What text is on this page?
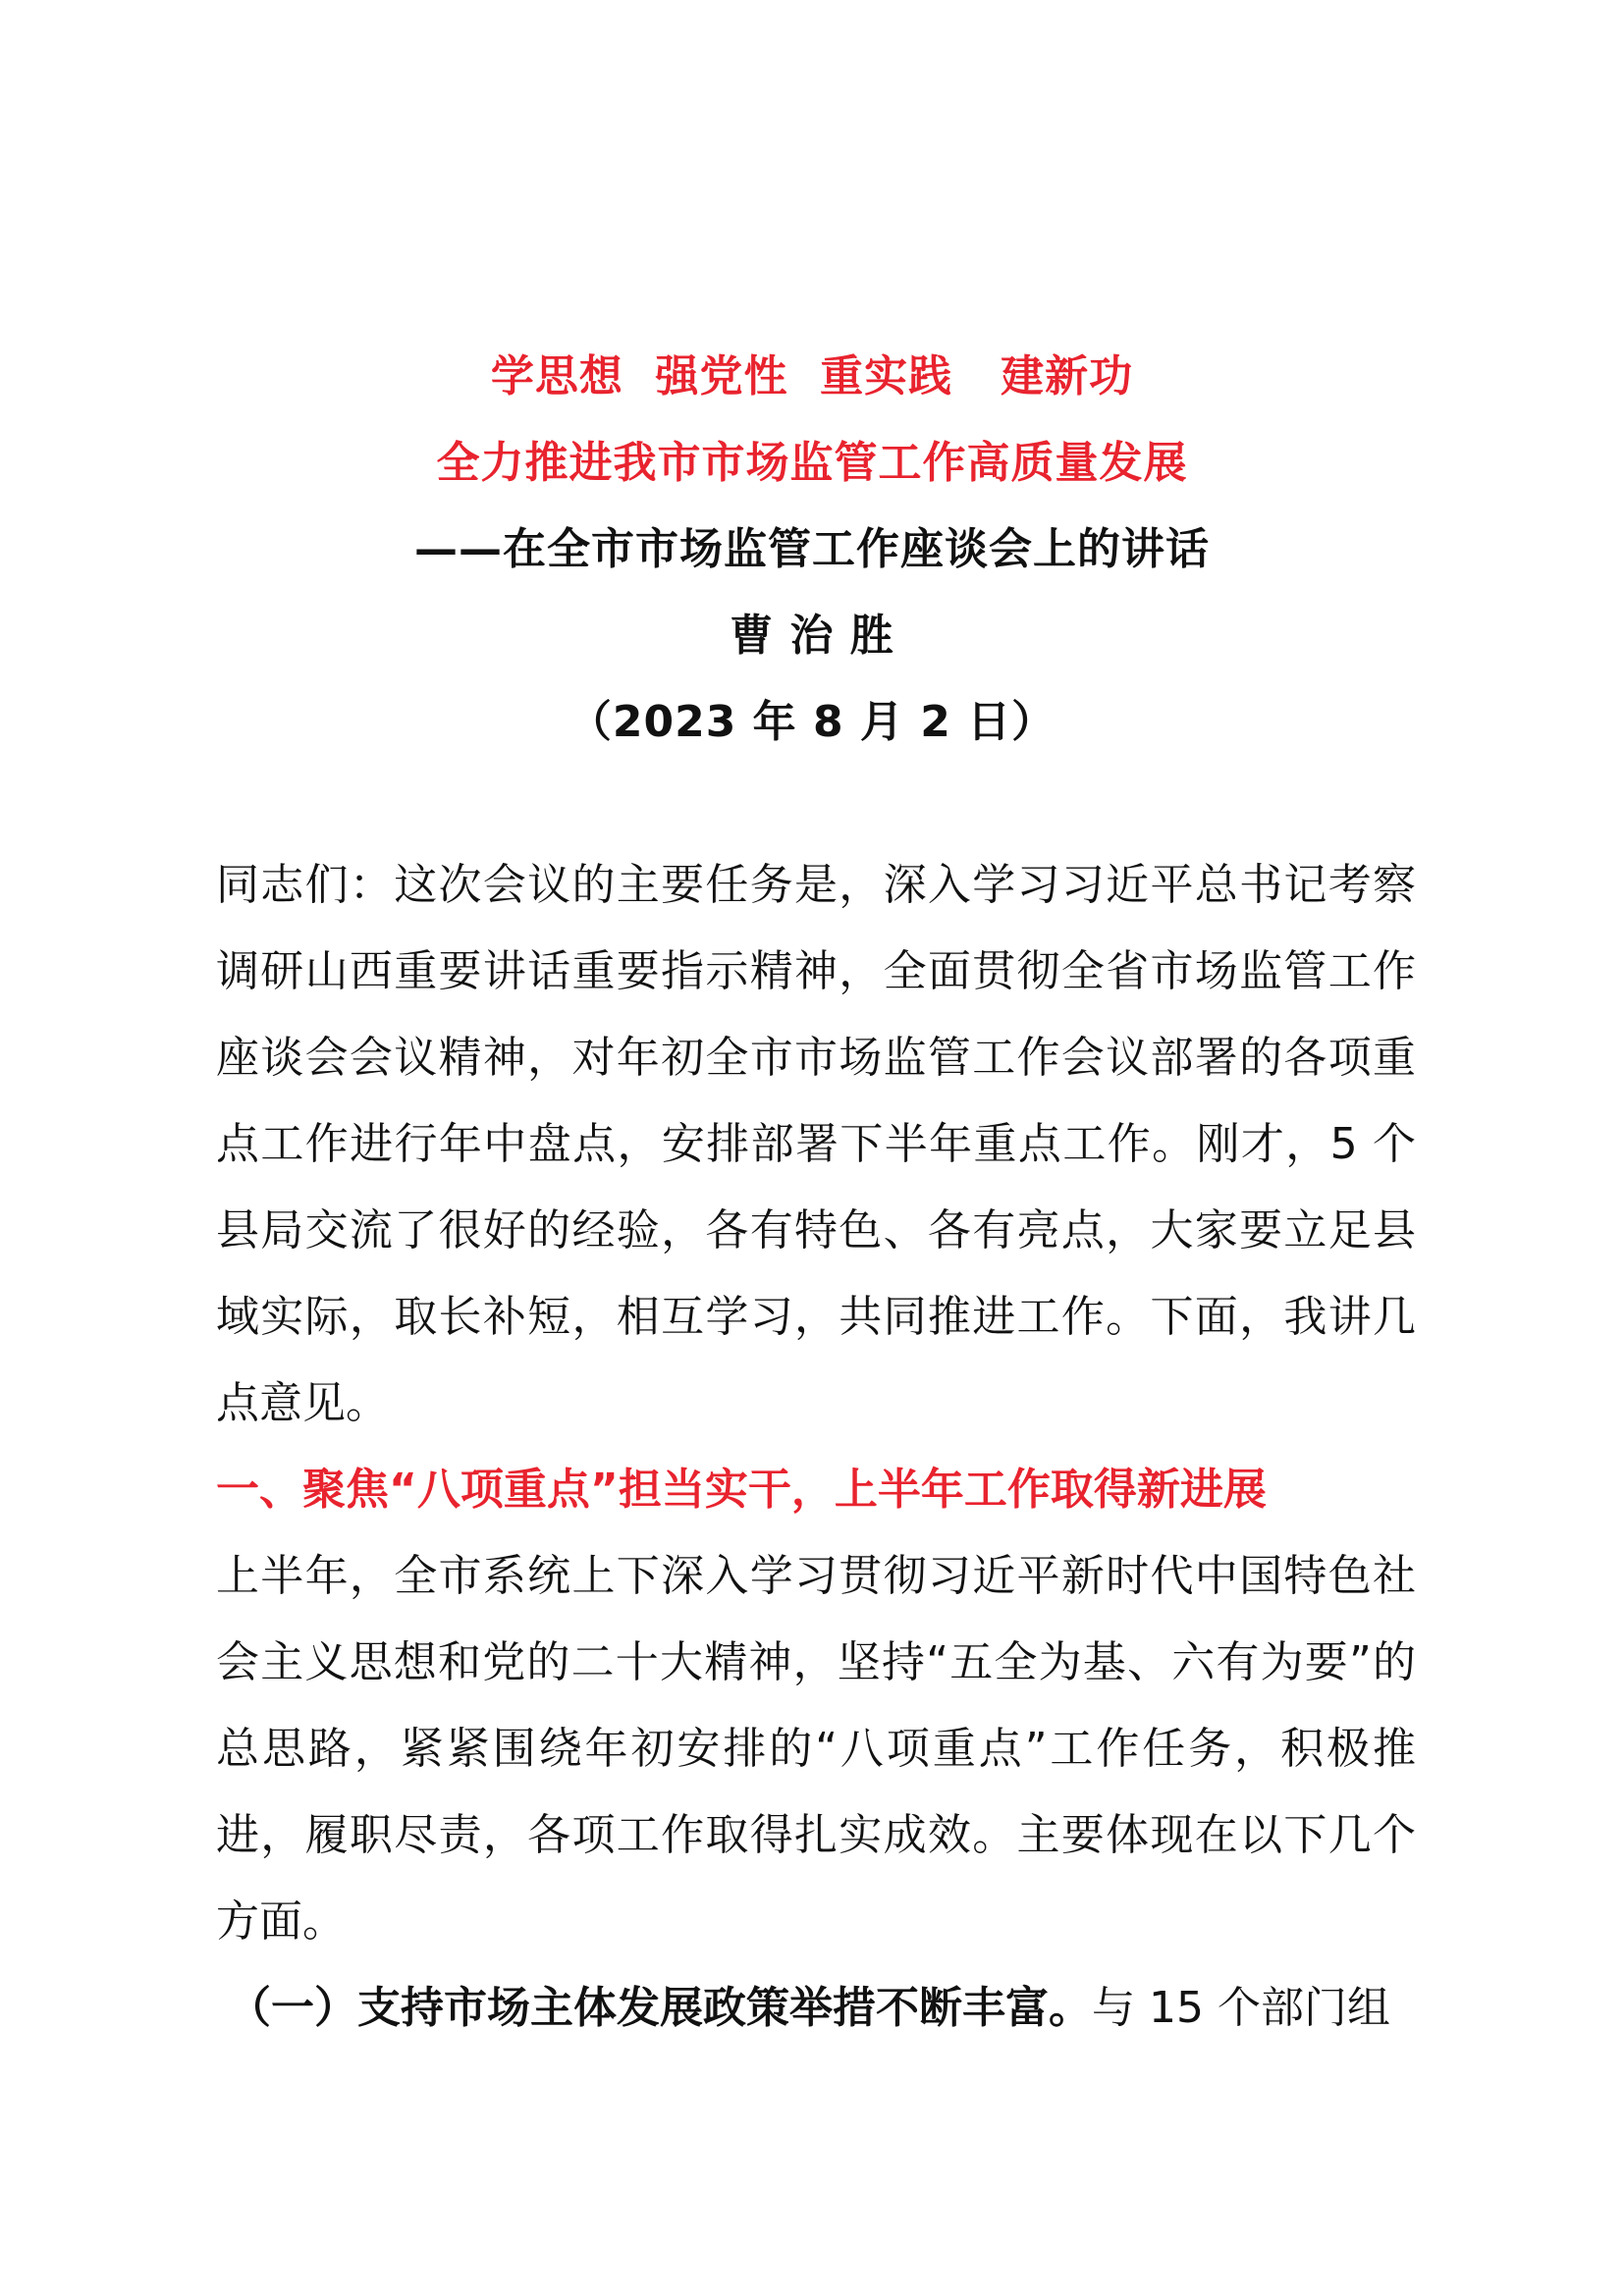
学思想  强党性  重实践   建新功
全力推进我市市场监管工作高质量发展
——在全市市场监管工作座谈会上的讲话
曹 治 胜
（2023 年 8 月 2 日）

同志们：这次会议的主要任务是，深入学习习近平总书记考察调研山西重要讲话重要指示精神，全面贯彻全省市场监管工作座谈会会议精神，对年初全市市场监管工作会议部署的各项重点工作进行年中盘点，安排部署下半年重点工作。刚才，5 个县局交流了很好的经验，各有特色、各有亮点，大家要立足县域实际，取长补短，相互学习，共同推进工作。下面，我讲几点意见。

一、聚焦“八项重点”担当实干，上半年工作取得新进展

上半年，全市系统上下深入学习贯彻习近平新时代中国特色社会主义思想和党的二十大精神，坚持“五全为基、六有为要”的总思路，紧紧围绕年初安排的“八项重点”工作任务，积极推进，履职尽责，各项工作取得扎实成效。主要体现在以下几个方面。

（一）支持市场主体发展政策举措不断丰富。与 15 个部门组
